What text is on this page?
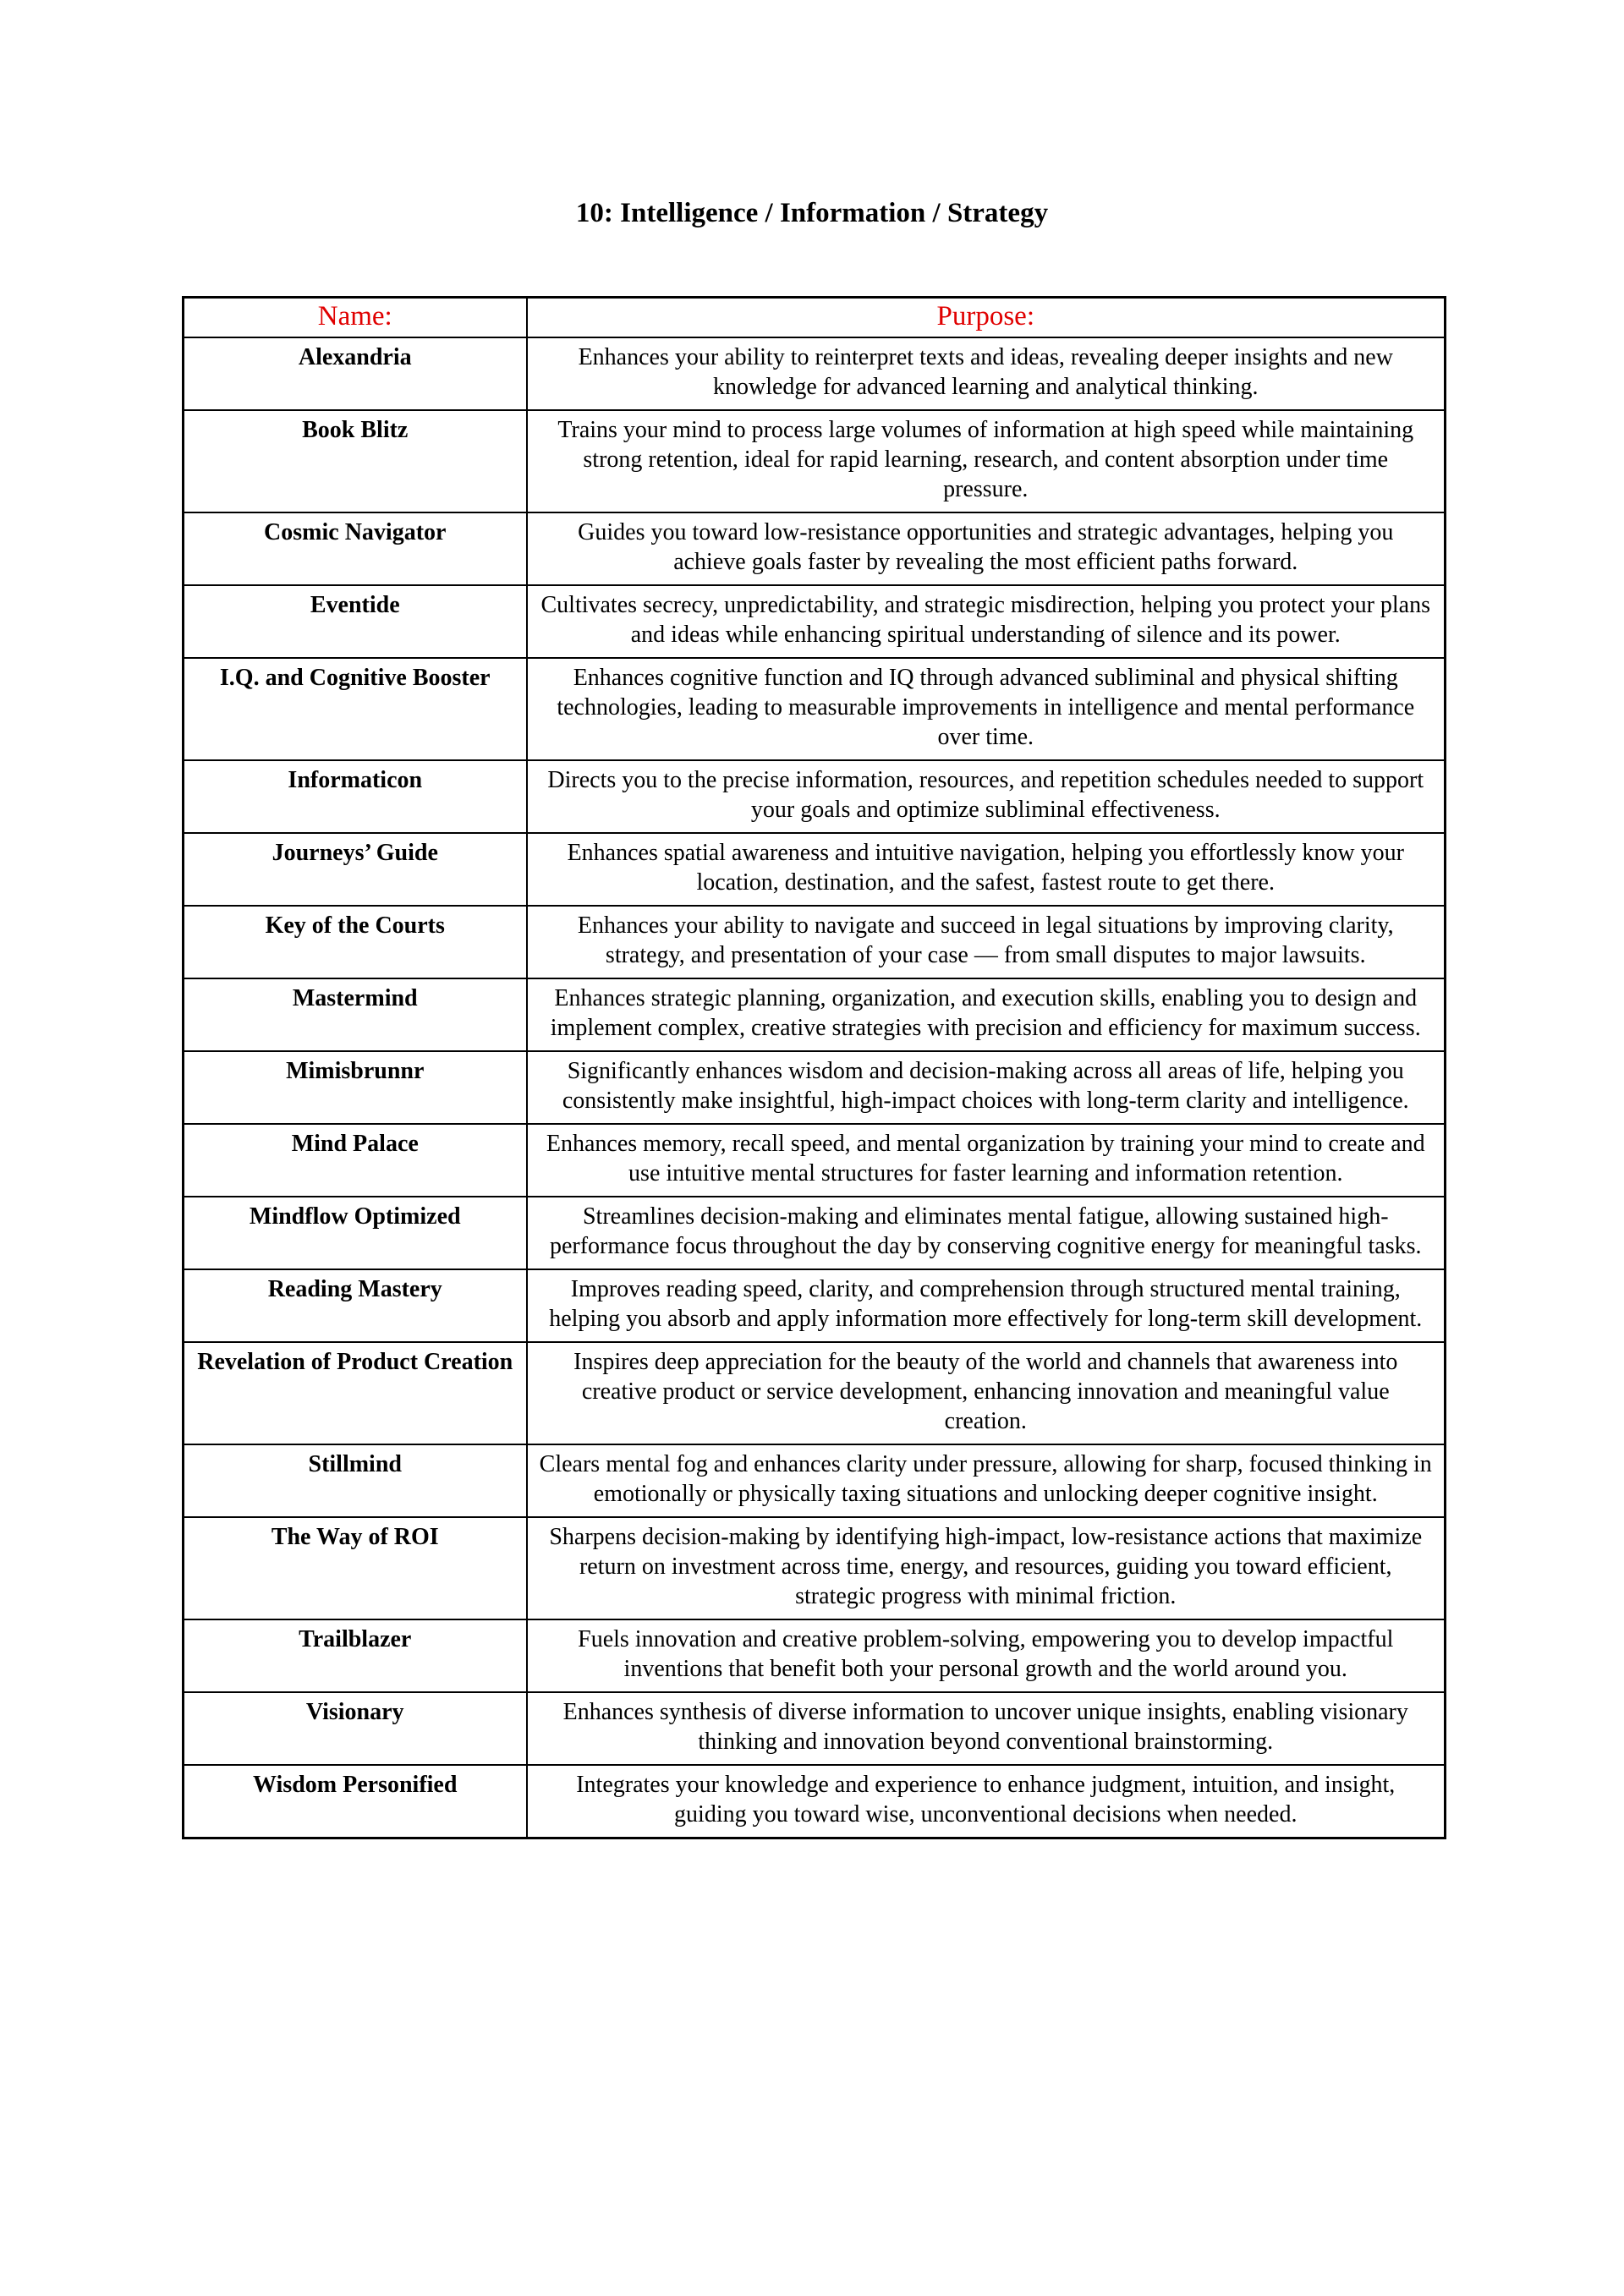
10: Intelligence / Information / Strategy
Name:	Purpose:
Alexandria	Enhances your ability to reinterpret texts and ideas, revealing deeper insights and new knowledge for advanced learning and analytical thinking.
Book Blitz	Trains your mind to process large volumes of information at high speed while maintaining strong retention, ideal for rapid learning, research, and content absorption under time pressure.
Cosmic Navigator	Guides you toward low-resistance opportunities and strategic advantages, helping you achieve goals faster by revealing the most efficient paths forward.
Eventide	Cultivates secrecy, unpredictability, and strategic misdirection, helping you protect your plans and ideas while enhancing spiritual understanding of silence and its power.
I.Q. and Cognitive Booster	Enhances cognitive function and IQ through advanced subliminal and physical shifting technologies, leading to measurable improvements in intelligence and mental performance over time.
Informaticon	Directs you to the precise information, resources, and repetition schedules needed to support your goals and optimize subliminal effectiveness.
Journeys’ Guide	Enhances spatial awareness and intuitive navigation, helping you effortlessly know your location, destination, and the safest, fastest route to get there.
Key of the Courts	Enhances your ability to navigate and succeed in legal situations by improving clarity, strategy, and presentation of your case — from small disputes to major lawsuits.
Mastermind	Enhances strategic planning, organization, and execution skills, enabling you to design and implement complex, creative strategies with precision and efficiency for maximum success.
Mimisbrunnr	Significantly enhances wisdom and decision-making across all areas of life, helping you consistently make insightful, high-impact choices with long-term clarity and intelligence.
Mind Palace	Enhances memory, recall speed, and mental organization by training your mind to create and use intuitive mental structures for faster learning and information retention.
Mindflow Optimized	Streamlines decision-making and eliminates mental fatigue, allowing sustained high-performance focus throughout the day by conserving cognitive energy for meaningful tasks.
Reading Mastery	Improves reading speed, clarity, and comprehension through structured mental training, helping you absorb and apply information more effectively for long-term skill development.
Revelation of Product Creation	Inspires deep appreciation for the beauty of the world and channels that awareness into creative product or service development, enhancing innovation and meaningful value creation.
Stillmind	Clears mental fog and enhances clarity under pressure, allowing for sharp, focused thinking in emotionally or physically taxing situations and unlocking deeper cognitive insight.
The Way of ROI	Sharpens decision-making by identifying high-impact, low-resistance actions that maximize return on investment across time, energy, and resources, guiding you toward efficient, strategic progress with minimal friction.
Trailblazer	Fuels innovation and creative problem-solving, empowering you to develop impactful inventions that benefit both your personal growth and the world around you.
Visionary	Enhances synthesis of diverse information to uncover unique insights, enabling visionary thinking and innovation beyond conventional brainstorming.
Wisdom Personified	Integrates your knowledge and experience to enhance judgment, intuition, and insight, guiding you toward wise, unconventional decisions when needed.
